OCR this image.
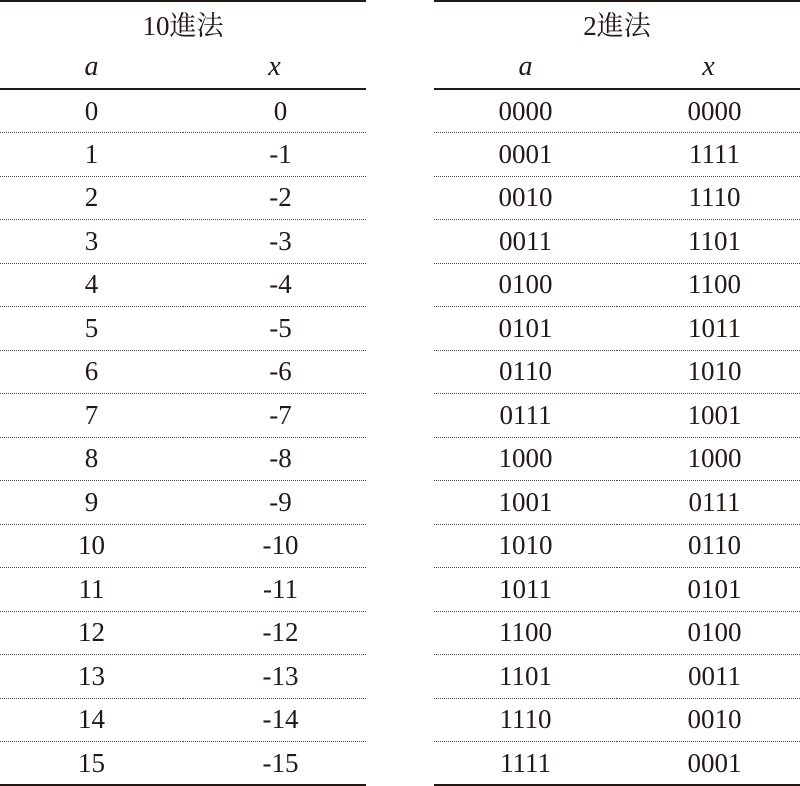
10進法	
a	x
0	0
1	-1
2	-2
3	-3
4	-4
5	-5
6	-6
7	-7
8	-8
9	-9
10	-10
11	-11
12	-12
13	-13
14	-14
15	-15
2進法	
a	x
0000	0000
0001	1111
0010	1110
0011	1101
0100	1100
0101	1011
0110	1010
0111	1001
1000	1000
1001	0111
1010	0110
1011	0101
1100	0100
1101	0011
1110	0010
1111	0001
